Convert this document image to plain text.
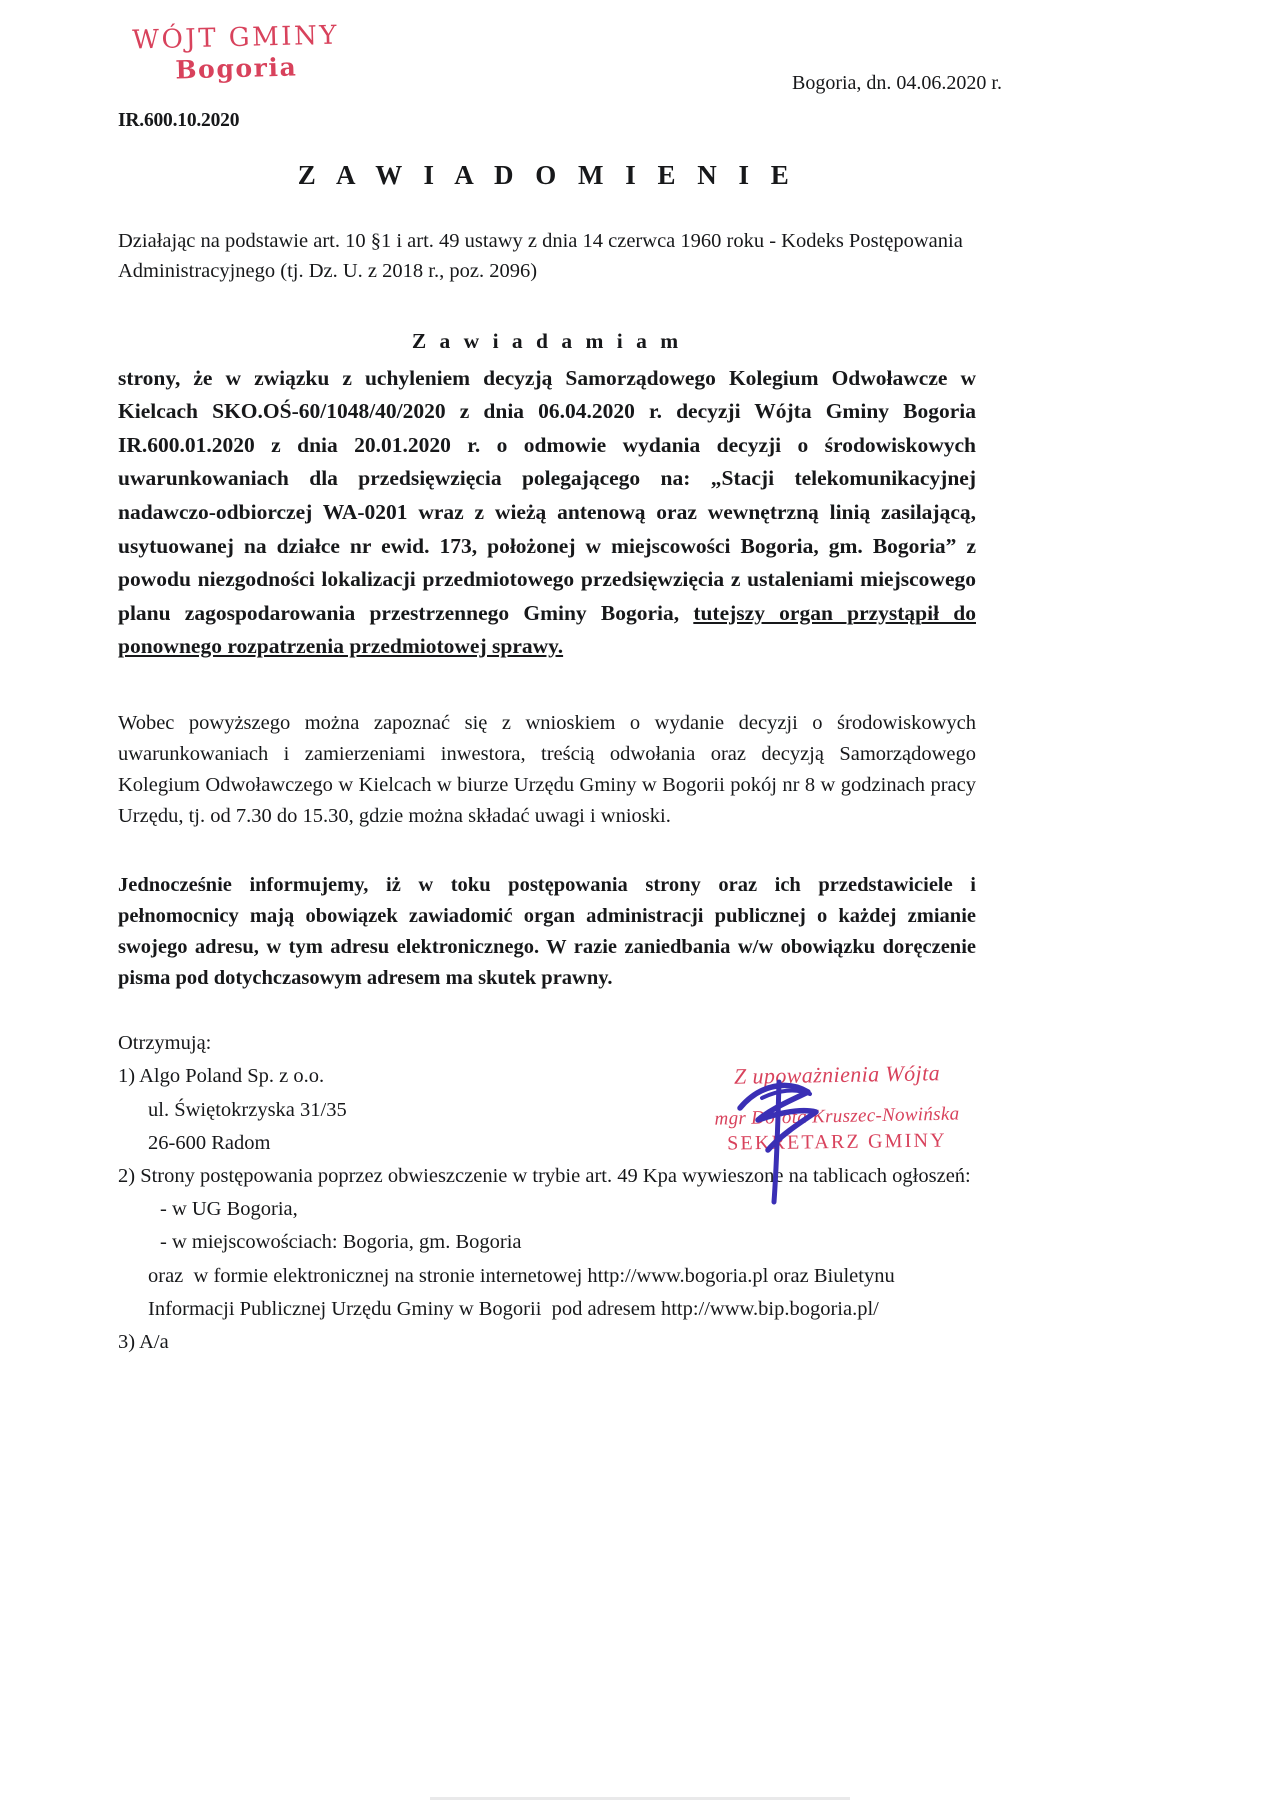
WÓJT GMINY
Bogoria
IR.600.10.2020
Bogoria, dn. 04.06.2020 r.
Z A W I A D O M I E N I E

Działając na podstawie art. 10 §1 i art. 49 ustawy z dnia 14 czerwca 1960 roku - Kodeks Postępowania Administracyjnego (tj. Dz. U. z 2018 r., poz. 2096)

Z a w i a d a m i a m

strony, że w związku z uchyleniem decyzją Samorządowego Kolegium Odwoławcze w Kielcach SKO.OŚ-60/1048/40/2020 z dnia 06.04.2020 r. decyzji Wójta Gminy Bogoria IR.600.01.2020 z dnia 20.01.2020 r. o odmowie wydania decyzji o środowiskowych uwarunkowaniach dla przedsięwzięcia polegającego na: „Stacji telekomunikacyjnej nadawczo-odbiorczej WA-0201 wraz z wieżą antenową oraz wewnętrzną linią zasilającą, usytuowanej na działce nr ewid. 173, położonej w miejscowości Bogoria, gm. Bogoria” z powodu niezgodności lokalizacji przedmiotowego przedsięwzięcia z ustaleniami miejscowego planu zagospodarowania przestrzennego Gminy Bogoria, tutejszy organ przystąpił do ponownego rozpatrzenia przedmiotowej sprawy.

Wobec powyższego można zapoznać się z wnioskiem o wydanie decyzji o środowiskowych uwarunkowaniach i zamierzeniami inwestora, treścią odwołania oraz decyzją Samorządowego Kolegium Odwoławczego w Kielcach w biurze Urzędu Gminy w Bogorii pokój nr 8 w godzinach pracy Urzędu, tj. od 7.30 do 15.30, gdzie można składać uwagi i wnioski.

Jednocześnie informujemy, iż w toku postępowania strony oraz ich przedstawiciele i pełnomocnicy mają obowiązek zawiadomić organ administracji publicznej o każdej zmianie swojego adresu, w tym adresu elektronicznego. W razie zaniedbania w/w obowiązku doręczenie pisma pod dotychczasowym adresem ma skutek prawny.

Otrzymują:
1) Algo Poland Sp. z o.o.
ul. Świętokrzyska 31/35
26-600 Radom
2) Strony postępowania poprzez obwieszczenie w trybie art. 49 Kpa wywieszone na tablicach ogłoszeń:
- w UG Bogoria,
- w miejscowościach: Bogoria, gm. Bogoria
oraz  w formie elektronicznej na stronie internetowej http://www.bogoria.pl oraz Biuletynu
Informacji Publicznej Urzędu Gminy w Bogorii  pod adresem http://www.bip.bogoria.pl/
3) A/a
Z upoważnienia Wójta
mgr Dorota Kruszec-Nowińska
SEKRETARZ GMINY
